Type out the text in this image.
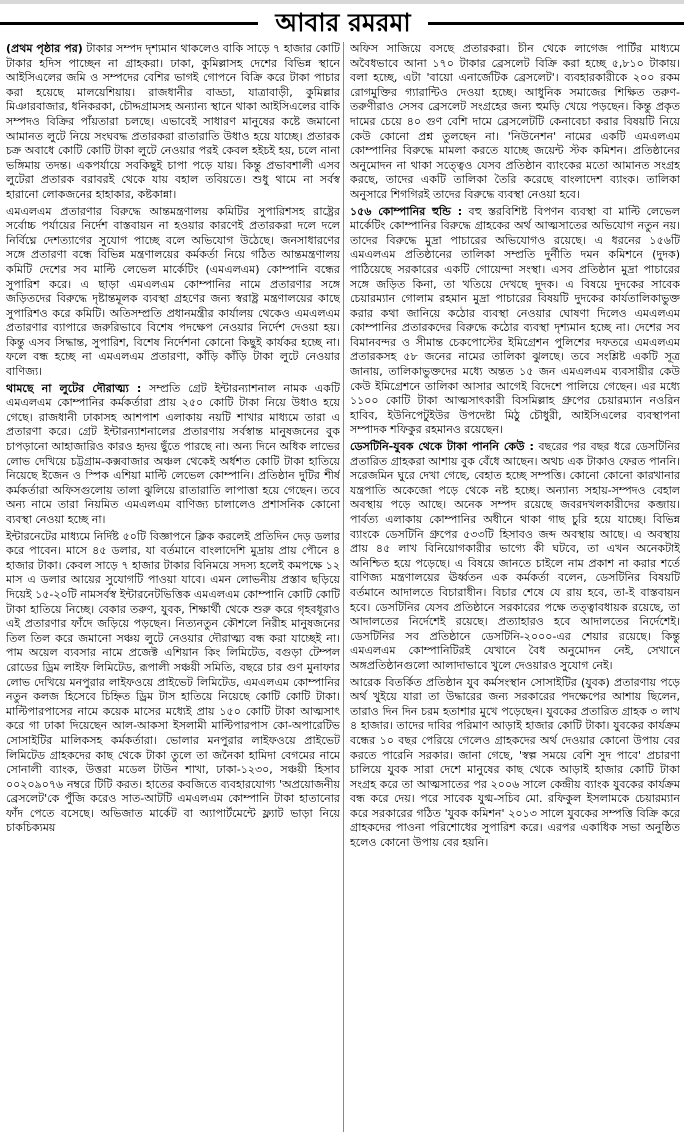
আবার রমরমা

(প্রথম পৃষ্ঠার পর) টাকার সম্পদ দৃশ্যমান থাকলেও বাকি সাড়ে ৭ হাজার কোটি টাকার হদিস পাচ্ছেন না গ্রাহকরা। ঢাকা, কুমিল্লাসহ দেশের বিভিন্ন স্থানে আইসিএলের জমি ও সম্পদের বেশির ভাগই গোপনে বিক্রি করে টাকা পাচার করা হয়েছে মালয়েশিয়ায়। রাজধানীর বাড্ডা, যাত্রাবাড়ী, কুমিল্লার মিঞারবাজার, ধনিকরকা, চৌদ্দগ্রামসহ অন্যান্য স্থানে থাকা আইসিএলের বাকি সম্পদও বিক্রির পাঁয়তারা চলছে। এভাবেই সাধারণ মানুষের কষ্টে জমানো আমানত লুটে নিয়ে সংঘবদ্ধ প্রতারকরা রাতারাতি উধাও হয়ে যাচ্ছে। প্রতারক চক্র অবাধে কোটি কোটি টাকা লুটে নেওয়ার পরই কেবল হইচই হয়, চলে নানা ভঙ্গিমায় তদন্ত। একপর্যায়ে সবকিছুই চাপা পড়ে যায়। কিন্তু প্রভাবশালী এসব লুটেরা প্রতারক বরাবরই থেকে যায় বহাল তবিয়তে। শুধু থামে না সর্বস্ব হারানো লোকজনের হাহাকার, কষ্টকান্না।

এমএলএম প্রতারণার বিরুদ্ধে আন্তমন্ত্রণালয় কমিটির সুপারিশসহ রাষ্ট্রের সর্বোচ্চ পর্যায়ের নির্দেশ বাস্তবায়ন না হওয়ার কারণেই প্রতারকরা দলে দলে নির্বিঘ্নে দেশত্যাগের সুযোগ পাচ্ছে বলে অভিযোগ উঠেছে। জনসাধারণের সঙ্গে প্রতারণা বন্ধে বিভিন্ন মন্ত্রণালয়ের কর্মকর্তা নিয়ে গঠিত আন্তমন্ত্রণালয় কমিটি দেশের সব মাল্টি লেভেল মার্কেটিং (এমএলএম) কোম্পানি বন্ধের সুপারিশ করে। এ ছাড়া এমএলএম কোম্পানির নামে প্রতারণার সঙ্গে জড়িতদের বিরুদ্ধে দৃষ্টান্তমূলক ব্যবস্থা গ্রহণের জন্য স্বরাষ্ট্র মন্ত্রণালয়ের কাছে সুপারিশও করে কমিটি। অতিসম্প্রতি প্রধানমন্ত্রীর কার্যালয় থেকেও এমএলএম প্রতারণার ব্যাপারে জরুরিভাবে বিশেষ পদক্ষেপ নেওয়ার নির্দেশ দেওয়া হয়। কিন্তু এসব সিদ্ধান্ত, সুপারিশ, বিশেষ নির্দেশনা কোনো কিছুই কার্যকর হচ্ছে না। ফলে বন্ধ হচ্ছে না এমএলএম প্রতারণা, কাঁড়ি কাঁড়ি টাকা লুটে নেওয়ার বাণিজ্য।

থামছে না লুটের দৌরাত্ম্য : সম্প্রতি গ্রেট ইন্টারন্যাশনাল নামক একটি এমএলএম কোম্পানির কর্মকর্তারা প্রায় ২৫০ কোটি টাকা নিয়ে উধাও হয়ে গেছে। রাজধানী ঢাকাসহ আশপাশ এলাকায় নয়টি শাখার মাধ্যমে তারা এ প্রতারণা করে। গ্রেট ইন্টারন্যাশনালের প্রতারণায় সর্বস্বান্ত মানুষজনের বুক চাপড়ানো আহাজারিও কারও হৃদয় ছুঁতে পারছে না। অন্য দিনে অধিক লাভের লোভ দেখিয়ে চট্টগ্রাম-কক্সবাজার অঞ্চল থেকেই অর্ধশত কোটি টাকা হাতিয়ে নিয়েছে ইজেন ও স্পিক এশিয়া মাল্টি লেভেল কোম্পানি। প্রতিষ্ঠান দুটির শীর্ষ কর্মকর্তারা অফিসগুলোয় তালা ঝুলিয়ে রাতারাতি লাপাত্তা হয়ে গেছেন। তবে অন্য নামে তারা নিয়মিত এমএলএম বাণিজ্য চালালেও প্রশাসনিক কোনো ব্যবস্থা নেওয়া হচ্ছে না।

ইন্টারনেটের মাধ্যমে নির্দিষ্ট ৫০টি বিজ্ঞাপনে ক্লিক করলেই প্রতিদিন দেড় ডলার করে পাবেন। মাসে ৪৫ ডলার, যা বর্তমানে বাংলাদেশি মুদ্রায় প্রায় পৌনে ৪ হাজার টাকা। কেবল সাড়ে ৭ হাজার টাকার বিনিময়ে সদস্য হলেই কমপক্ষে ১২ মাস এ ডলার আয়ের সুযোগটি পাওয়া যাবে। এমন লোভনীয় প্রস্তাব ছড়িয়ে দিয়েই ১৫-২০টি নামসর্বস্ব ইন্টারনেটভিত্তিক এমএলএম কোম্পানি কোটি কোটি টাকা হাতিয়ে নিচ্ছে। বেকার তরুণ, যুবক, শিক্ষার্থী থেকে শুরু করে গৃহবধূরাও এই প্রতারণার ফাঁদে জড়িয়ে পড়ছেন। নিত্যনতুন কৌশলে নিরীহ মানুষজনের তিল তিল করে জমানো সঞ্চয় লুটে নেওয়ার দৌরাত্ম্য বন্ধ করা যাচ্ছেই না। পাম অয়েল ব্যবসার নামে প্রজেক্ট এশিয়ান কিং লিমিটেড, বগুড়া টেম্পল রোডের ড্রিম লাইফ লিমিটেড, রূপালী সঞ্চয়ী সমিতি, বছরে চার গুণ মুনাফার লোভ দেখিয়ে মনপুরার লাইফওয়ে প্রাইভেট লিমিটেড, এমএলএম কোম্পানির নতুন কলজ হিসেবে চিহ্নিত ড্রিম টাস হাতিয়ে নিয়েছে কোটি কোটি টাকা। মাল্টিপারপাসের নামে কয়েক মাসের মধ্যেই প্রায় ১৫০ কোটি টাকা আত্মসাৎ করে গা ঢাকা দিয়েছেন আল-আকসা ইসলামী মাল্টিপারপাস কো-অপারেটিভ সোসাইটির মালিকসহ কর্মকর্তারা। ভোলার মনপুরার লাইফওয়ে প্রাইভেট লিমিটেড গ্রাহকদের কাছ থেকে টাকা তুলে তা জনৈকা হামিদা বেগমের নামে সোনালী ব্যাংক, উত্তরা মডেল টাউন শাখা, ঢাকা-১২৩০, সঞ্চয়ী হিসাব ০০২০৯০৭৬ নম্বরে টিটি করত। হাতের কবজিতে ব্যবহারযোগ্য 'অপ্রয়োজনীয় ব্রেসলেট'কে পুঁজি করেও সাত-আটটি এমএলএম কোম্পানি টাকা হাতানোর ফাঁদ পেতে বসেছে। অভিজাত মার্কেট বা অ্যাপার্টমেন্টে ফ্ল্যাট ভাড়া নিয়ে চাকচিক্যময়

অফিস সাজিয়ে বসছে প্রতারকরা। চীন থেকে লাগেজ পার্টির মাধ্যমে অবৈধভাবে আনা ১৭০ টাকার ব্রেসলেট বিক্রি করা হচ্ছে ৫,৮১০ টাকায়। বলা হচ্ছে, এটা 'বায়ো এনার্জেটিক ব্রেসলেট'। ব্যবহারকারীকে ২০০ রকম রোগমুক্তির গ্যারান্টিও দেওয়া হচ্ছে। আধুনিক সমাজের শিক্ষিত তরুণ-তরুণীরাও সেসব ব্রেসলেট সংগ্রহের জন্য হুমড়ি খেয়ে পড়ছেন। কিন্তু প্রকৃত দামের চেয়ে ৪০ গুণ বেশি দামে ব্রেসলেটটি কেনাবেচা করার বিষয়টি নিয়ে কেউ কোনো প্রশ্ন তুলছেন না। 'নিউনেশন' নামের একটি এমএলএম কোম্পানির বিরুদ্ধে মামলা করতে যাচ্ছে জয়েন্ট স্টক কমিশন। প্রতিষ্ঠানের অনুমোদন না থাকা সত্ত্বেও যেসব প্রতিষ্ঠান ব্যাংকের মতো আমানত সংগ্রহ করছে, তাদের একটি তালিকা তৈরি করেছে বাংলাদেশ ব্যাংক। তালিকা অনুসারে শিগগিরই তাদের বিরুদ্ধে ব্যবস্থা নেওয়া হবে।

১৫৬ কোম্পানির হুন্ডি : বহু স্তরবিশিষ্ট বিপণন ব্যবস্থা বা মাল্টি লেভেল মার্কেটিং কোম্পানির বিরুদ্ধে গ্রাহকের অর্থ আত্মসাতের অভিযোগ নতুন নয়। তাদের বিরুদ্ধে মুদ্রা পাচারের অভিযোগও রয়েছে। এ ধরনের ১৫৬টি এমএলএম প্রতিষ্ঠানের তালিকা সম্প্রতি দুর্নীতি দমন কমিশনে (দুদক) পাঠিয়েছে সরকারের একটি গোয়েন্দা সংস্থা। এসব প্রতিষ্ঠান মুদ্রা পাচারের সঙ্গে জড়িত কিনা, তা খতিয়ে দেখছে দুদক। এ বিষয়ে দুদকের সাবেক চেয়ারম্যান গোলাম রহমান মুদ্রা পাচারের বিষয়টি দুদকের কার্যতালিকাভুক্ত করার কথা জানিয়ে কঠোর ব্যবস্থা নেওয়ার ঘোষণা দিলেও এমএলএম কোম্পানির প্রতারকদের বিরুদ্ধে কঠোর ব্যবস্থা দৃশ্যমান হচ্ছে না। দেশের সব বিমানবন্দর ও সীমান্ত চেকপোস্টের ইমিগ্রেশন পুলিশের দফতরে এমএলএম প্রতারকসহ ৫৮ জনের নামের তালিকা ঝুলছে। তবে সংশ্লিষ্ট একটি সূত্র জানায়, তালিকাভুক্তদের মধ্যে অন্তত ১৫ জন এমএলএম ব্যবসায়ীর কেউ কেউ ইমিগ্রেশনে তালিকা আসার আগেই বিদেশে পালিয়ে গেছেন। এর মধ্যে ১১০০ কোটি টাকা আত্মসাৎকারী বিসমিল্লাহ গ্রুপের চেয়ারম্যান নওরিন হাবিব, ইউনিপেটুইউর উপদেষ্টা মিঠু চৌধুরী, আইসিএলের ব্যবস্থাপনা সম্পাদক শফিকুর রহমানও রয়েছেন।

ডেসটিনি-যুবক থেকে টাকা পাননি কেউ : বছরের পর বছর ধরে ডেসটিনির প্রতারিত গ্রাহকরা আশায় বুক বেঁধে আছেন। অথচ এক টাকাও ফেরত পাননি। সরেজমিন ঘুরে দেখা গেছে, বেহাত হচ্ছে সম্পত্তি। কোনো কোনো কারখানার যন্ত্রপাতি অকেজো পড়ে থেকে নষ্ট হচ্ছে। অন্যান্য সহায়-সম্পদও বেহাল অবস্থায় পড়ে আছে। অনেক সম্পদ রয়েছে জবরদখলকারীদের কব্জায়। পার্বত্য এলাকায় কোম্পানির অধীনে থাকা গাছ চুরি হয়ে যাচ্ছে। বিভিন্ন ব্যাংকে ডেসটিনি গ্রুপের ৫৩৩টি হিসাবও জব্দ অবস্থায় আছে। এ অবস্থায় প্রায় ৪৫ লাখ বিনিয়োগকারীর ভাগ্যে কী ঘটবে, তা এখন অনেকটাই অনিশ্চিত হয়ে পড়েছে। এ বিষয়ে জানতে চাইলে নাম প্রকাশ না করার শর্তে বাণিজ্য মন্ত্রণালয়ের ঊর্ধ্বতন এক কর্মকর্তা বলেন, ডেসটিনির বিষয়টি বর্তমানে আদালতে বিচারাধীন। বিচার শেষে যে রায় হবে, তা-ই বাস্তবায়ন হবে। ডেসটিনির যেসব প্রতিষ্ঠানে সরকারের পক্ষে তত্ত্বাবধায়ক রয়েছে, তা আদালতের নির্দেশেই রয়েছে। প্রত্যাহারও হবে আদালতের নির্দেশেই। ডেসটিনির সব প্রতিষ্ঠানে ডেসটিনি-২০০০-এর শেয়ার রয়েছে। কিন্তু এমএলএম কোম্পানিটিরই যেখানে বৈধ অনুমোদন নেই, সেখানে অঙ্গপ্রতিষ্ঠানগুলো আলাদাভাবে খুলে দেওয়ারও সুযোগ নেই।

আরেক বিতর্কিত প্রতিষ্ঠান যুব কর্মসংস্থান সোসাইটির (যুবক) প্রতারণায় পড়ে অর্থ খুইয়ে যারা তা উদ্ধারের জন্য সরকারের পদক্ষেপের আশায় ছিলেন, তারাও দিন দিন চরম হতাশার মুখে পড়েছেন। যুবকের প্রতারিত গ্রাহক ৩ লাখ ৪ হাজার। তাদের দাবির পরিমাণ আড়াই হাজার কোটি টাকা। যুবকের কার্যক্রম বন্ধের ১০ বছর পেরিয়ে গেলেও গ্রাহকদের অর্থ দেওয়ার কোনো উপায় বের করতে পারেনি সরকার। জানা গেছে, 'স্বল্প সময়ে বেশি সুদ পাবে' প্রচারণা চালিয়ে যুবক সারা দেশে মানুষের কাছ থেকে আড়াই হাজার কোটি টাকা সংগ্রহ করে তা আত্মসাতের পর ২০০৬ সালে কেন্দ্রীয় ব্যাংক যুবকের কার্যক্রম বন্ধ করে দেয়। পরে সাবেক যুগ্ম-সচিব মো. রফিকুল ইসলামকে চেয়ারম্যান করে সরকারের গঠিত 'যুবক কমিশন' ২০১৩ সালে যুবকের সম্পত্তি বিক্রি করে গ্রাহকদের পাওনা পরিশোধের সুপারিশ করে। এরপর একাধিক সভা অনুষ্ঠিত হলেও কোনো উপায় বের হয়নি।
